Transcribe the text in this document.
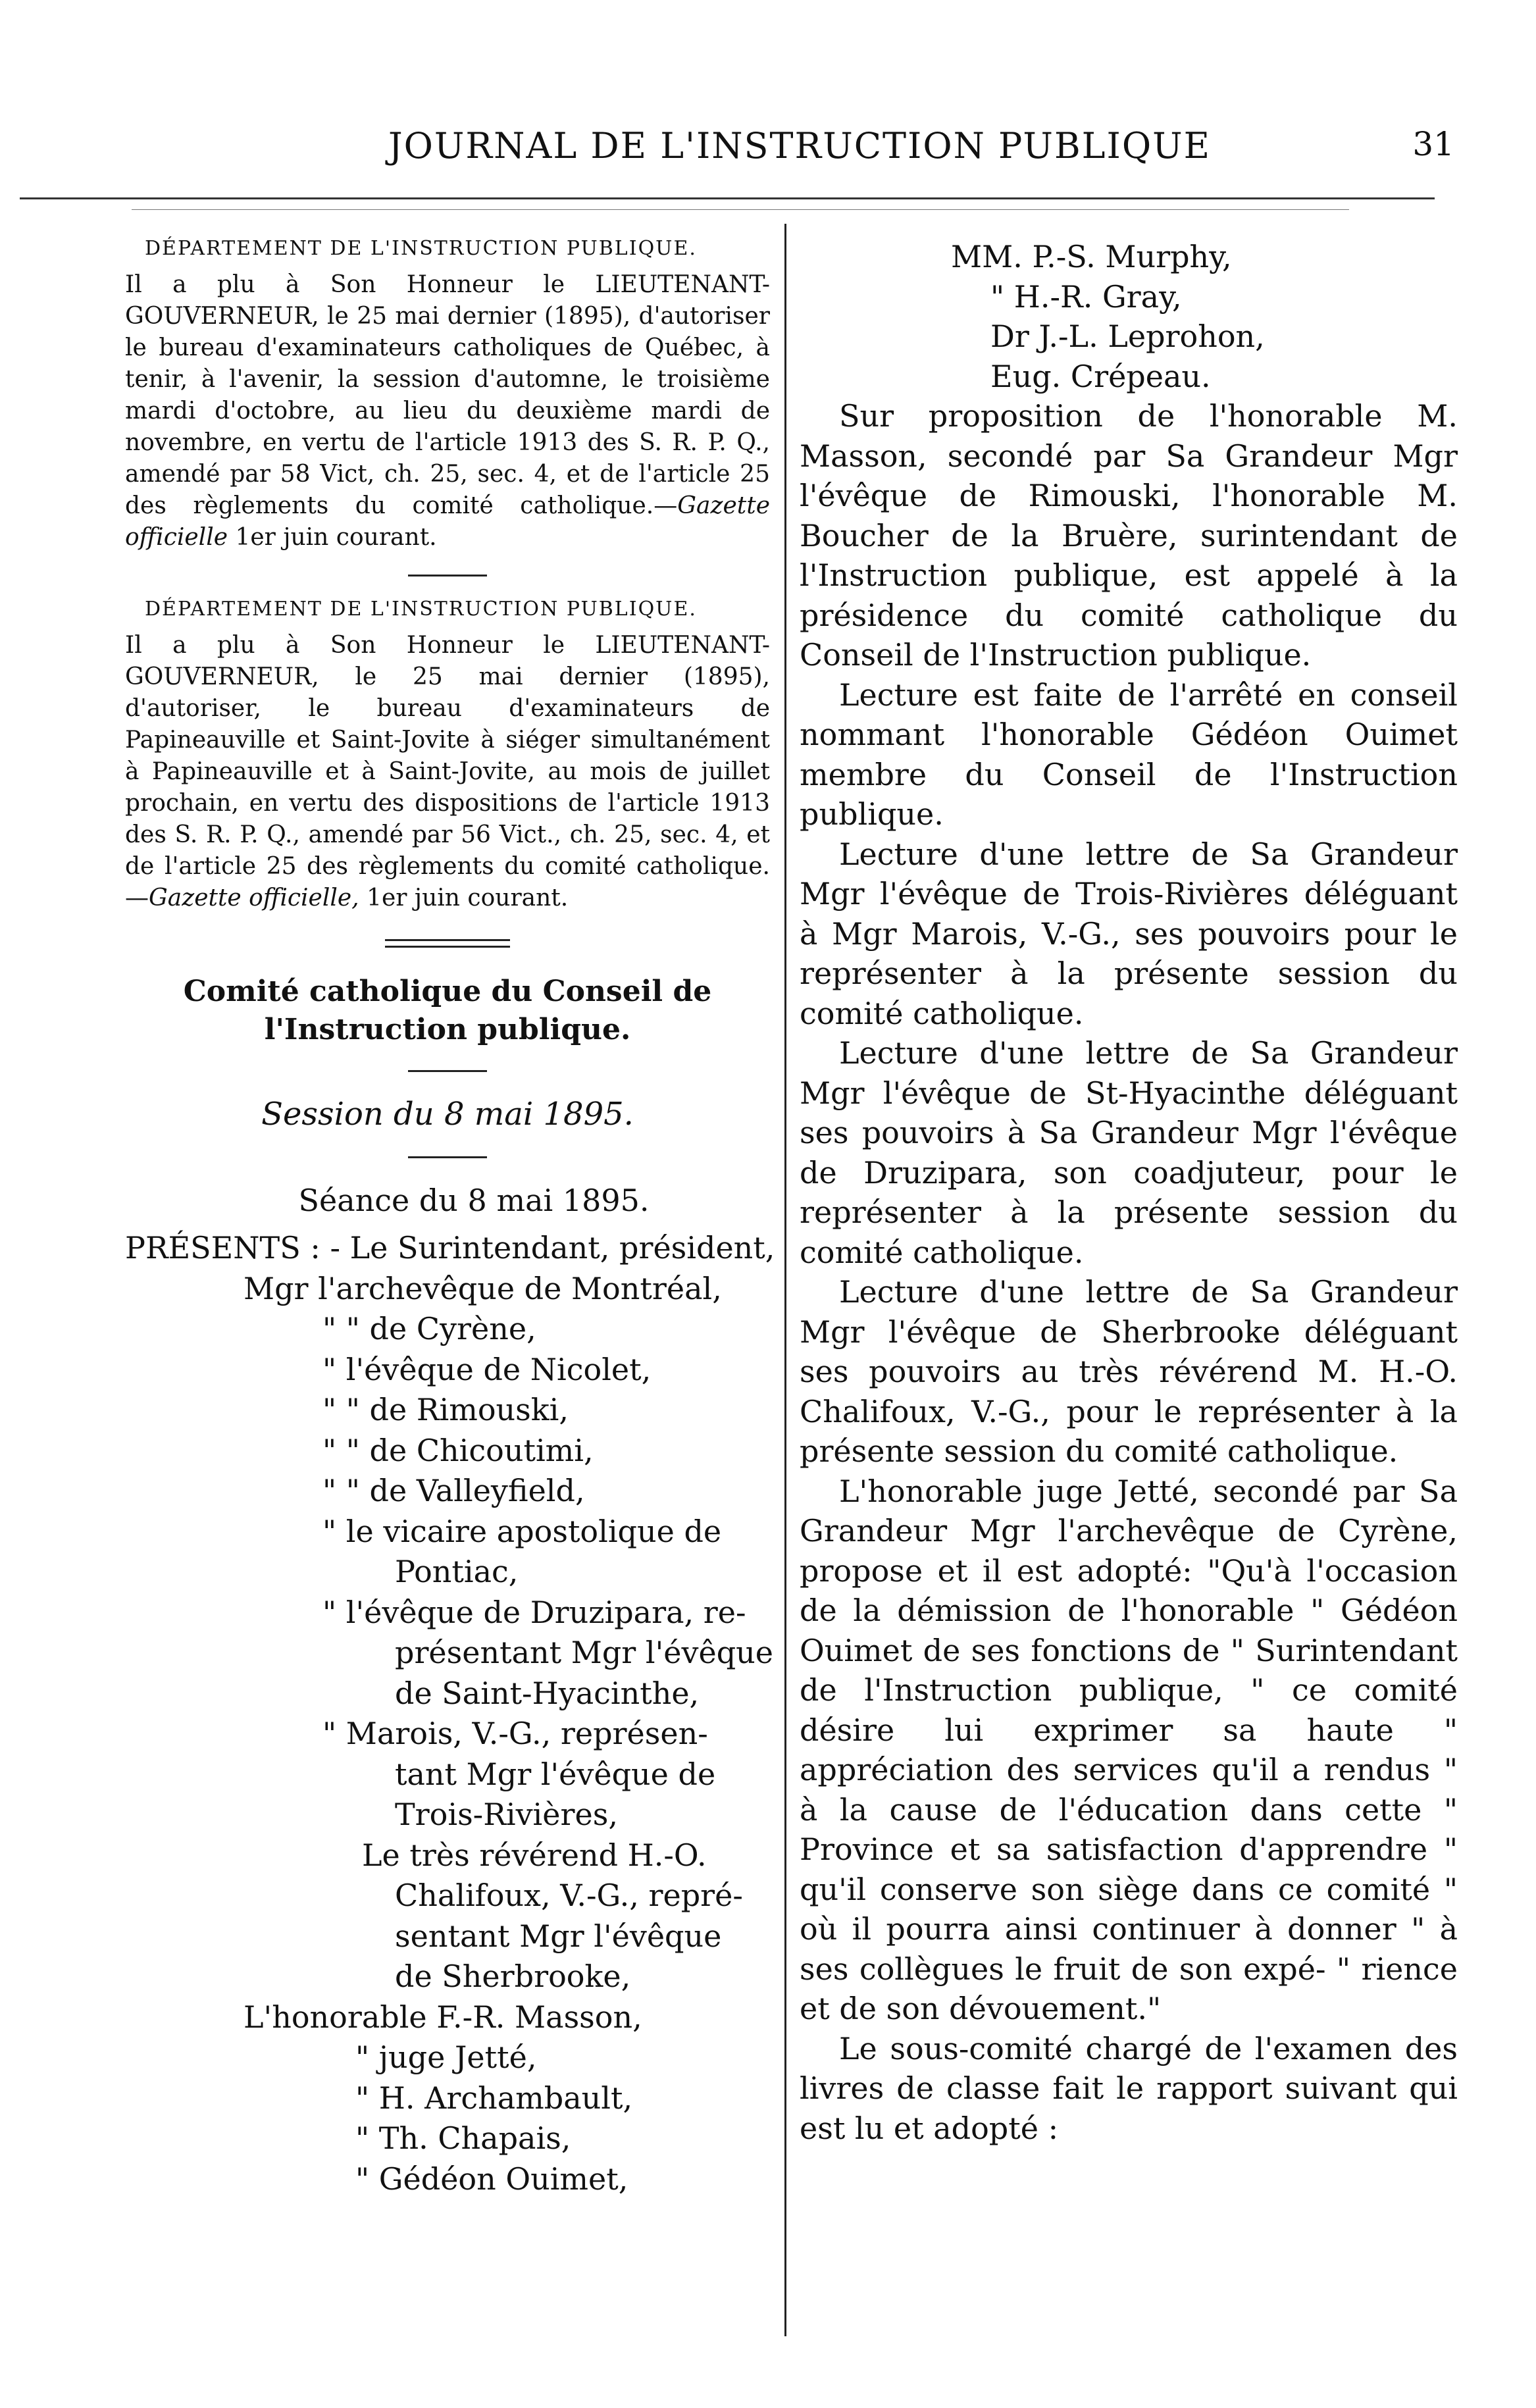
JOURNAL DE L'INSTRUCTION PUBLIQUE	31
DÉPARTEMENT DE L'INSTRUCTION PUBLIQUE.

Il a plu à Son Honneur le LIEUTENANT-GOUVERNEUR, le 25 mai dernier (1895), d'autoriser le bureau d'examinateurs catholiques de Québec, à tenir, à l'avenir, la session d'automne, le troisième mardi d'octobre, au lieu du deuxième mardi de novembre, en vertu de l'article 1913 des S. R. P. Q., amendé par 58 Vict, ch. 25, sec. 4, et de l'article 25 des règlements du comité catholique.—Gazette officielle 1er juin courant.

DÉPARTEMENT DE L'INSTRUCTION PUBLIQUE.

Il a plu à Son Honneur le LIEUTENANT-GOUVERNEUR, le 25 mai dernier (1895), d'autoriser, le bureau d'examinateurs de Papineauville et Saint-Jovite à siéger simultanément à Papineauville et à Saint-Jovite, au mois de juillet prochain, en vertu des dispositions de l'article 1913 des S. R. P. Q., amendé par 56 Vict., ch. 25, sec. 4, et de l'article 25 des règlements du comité catholique.—Gazette officielle, 1er juin courant.

Comité catholique du Conseil de l'Instruction publique.

Session du 8 mai 1895.

Séance du 8 mai 1895.

PRÉSENTS : - Le Surintendant, président,
Mgr l'archevêque de Montréal,
" " de Cyrène,
" l'évêque de Nicolet,
" " de Rimouski,
" " de Chicoutimi,
" " de Valleyfield,
" le vicaire apostolique de
Pontiac,
" l'évêque de Druzipara, re-
présentant Mgr l'évêque
de Saint-Hyacinthe,
" Marois, V.-G., représen-
tant Mgr l'évêque de
Trois-Rivières,
Le très révérend H.-O.
Chalifoux, V.-G., repré-
sentant Mgr l'évêque
de Sherbrooke,
L'honorable F.-R. Masson,
" juge Jetté,
" H. Archambault,
" Th. Chapais,
" Gédéon Ouimet,
MM. P.-S. Murphy,
" H.-R. Gray,
Dr J.-L. Leprohon,
Eug. Crépeau.

Sur proposition de l'honorable M. Masson, secondé par Sa Grandeur Mgr l'évêque de Rimouski, l'honorable M. Boucher de la Bruère, surintendant de l'Instruction publique, est appelé à la présidence du comité catholique du Conseil de l'Instruction publique.

Lecture est faite de l'arrêté en conseil nommant l'honorable Gédéon Ouimet membre du Conseil de l'Instruction publique.

Lecture d'une lettre de Sa Grandeur Mgr l'évêque de Trois-Rivières déléguant à Mgr Marois, V.-G., ses pouvoirs pour le représenter à la présente session du comité catholique.

Lecture d'une lettre de Sa Grandeur Mgr l'évêque de St-Hyacinthe déléguant ses pouvoirs à Sa Grandeur Mgr l'évêque de Druzipara, son coadjuteur, pour le représenter à la présente session du comité catholique.

Lecture d'une lettre de Sa Grandeur Mgr l'évêque de Sherbrooke déléguant ses pouvoirs au très révérend M. H.-O. Chalifoux, V.-G., pour le représenter à la présente session du comité catholique.

L'honorable juge Jetté, secondé par Sa Grandeur Mgr l'archevêque de Cyrène, propose et il est adopté: "Qu'à l'occasion de la démission de l'honorable " Gédéon Ouimet de ses fonctions de " Surintendant de l'Instruction publique, " ce comité désire lui exprimer sa haute " appréciation des services qu'il a rendus " à la cause de l'éducation dans cette " Province et sa satisfaction d'apprendre " qu'il conserve son siège dans ce comité " où il pourra ainsi continuer à donner " à ses collègues le fruit de son expé- " rience et de son dévouement."

Le sous-comité chargé de l'examen des livres de classe fait le rapport suivant qui est lu et adopté :
